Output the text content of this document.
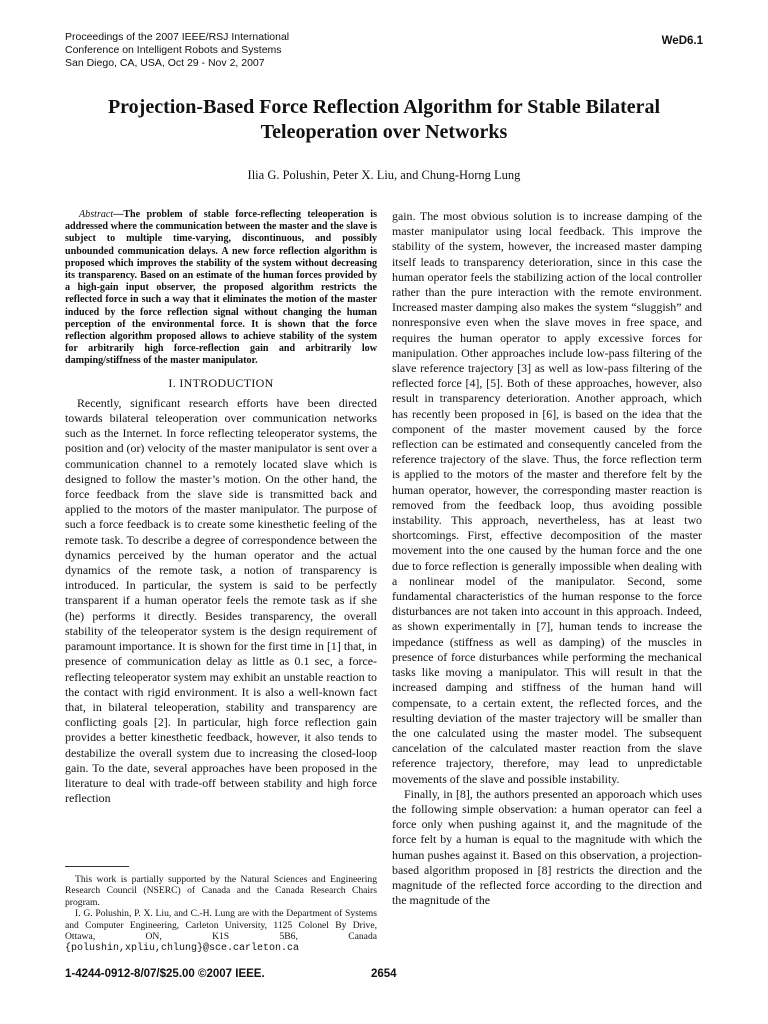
Proceedings of the 2007 IEEE/RSJ International
Conference on Intelligent Robots and Systems
San Diego, CA, USA, Oct 29 - Nov 2, 2007
WeD6.1
Projection-Based Force Reflection Algorithm for Stable Bilateral
Teleoperation over Networks
Ilia G. Polushin, Peter X. Liu, and Chung-Horng Lung

Abstract—The problem of stable force-reflecting teleoperation is addressed where the communication between the master and the slave is subject to multiple time-varying, discontinuous, and possibly unbounded communication delays. A new force reflection algorithm is proposed which improves the stability of the system without decreasing its transparency. Based on an estimate of the human forces provided by a high-gain input observer, the proposed algorithm restricts the reflected force in such a way that it eliminates the motion of the master induced by the force reflection signal without changing the human perception of the environmental force. It is shown that the force reflection algorithm proposed allows to achieve stability of the system for arbitrarily high force-reflection gain and arbitrarily low damping/stiffness of the master manipulator.

I. INTRODUCTION

Recently, significant research efforts have been directed towards bilateral teleoperation over communication networks such as the Internet. In force reflecting teleoperator systems, the position and (or) velocity of the master manipulator is sent over a communication channel to a remotely located slave which is designed to follow the master’s motion. On the other hand, the force feedback from the slave side is transmitted back and applied to the motors of the master manipulator. The purpose of such a force feedback is to create some kinesthetic feeling of the remote task. To describe a degree of correspondence between the dynamics perceived by the human operator and the actual dynamics of the remote task, a notion of transparency is introduced. In particular, the system is said to be perfectly transparent if a human operator feels the remote task as if she (he) performs it directly. Besides transparency, the overall stability of the teleoperator system is the design requirement of paramount importance. It is shown for the first time in [1] that, in presence of communication delay as little as 0.1 sec, a force-reflecting teleoperator system may exhibit an unstable reaction to the contact with rigid environment. It is also a well-known fact that, in bilateral teleoperation, stability and transparency are conflicting goals [2]. In particular, high force reflection gain provides a better kinesthetic feedback, however, it also tends to destabilize the overall system due to increasing the closed-loop gain. To the date, several approaches have been proposed in the literature to deal with trade-off between stability and high force reflection

This work is partially supported by the Natural Sciences and Engineering Research Council (NSERC) of Canada and the Canada Research Chairs program.

I. G. Polushin, P. X. Liu, and C.-H. Lung are with the Department of Systems and Computer Engineering, Carleton University, 1125 Colonel By Drive, Ottawa, ON, K1S 5B6, Canada {polushin,xpliu,chlung}@sce.carleton.ca

gain. The most obvious solution is to increase damping of the master manipulator using local feedback. This improve the stability of the system, however, the increased master damping itself leads to transparency deterioration, since in this case the human operator feels the stabilizing action of the local controller rather than the pure interaction with the remote environment. Increased master damping also makes the system “sluggish” and nonresponsive even when the slave moves in free space, and requires the human operator to apply excessive forces for manipulation. Other approaches include low-pass filtering of the slave reference trajectory [3] as well as low-pass filtering of the reflected force [4], [5]. Both of these approaches, however, also result in transparency deterioration. Another approach, which has recently been proposed in [6], is based on the idea that the component of the master movement caused by the force reflection can be estimated and consequently canceled from the reference trajectory of the slave. Thus, the force reflection term is applied to the motors of the master and therefore felt by the human operator, however, the corresponding master reaction is removed from the feedback loop, thus avoiding possible instability. This approach, nevertheless, has at least two shortcomings. First, effective decomposition of the master movement into the one caused by the human force and the one due to force reflection is generally impossible when dealing with a nonlinear model of the manipulator. Second, some fundamental characteristics of the human response to the force disturbances are not taken into account in this approach. Indeed, as shown experimentally in [7], human tends to increase the impedance (stiffness as well as damping) of the muscles in presence of force disturbances while performing the mechanical tasks like moving a manipulator. This will result in that the increased damping and stiffness of the human hand will compensate, to a certain extent, the reflected forces, and the resulting deviation of the master trajectory will be smaller than the one calculated using the master model. The subsequent cancelation of the calculated master reaction from the slave reference trajectory, therefore, may lead to unpredictable movements of the slave and possible instability.

Finally, in [8], the authors presented an apporoach which uses the following simple observation: a human operator can feel a force only when pushing against it, and the magnitude of the force felt by a human is equal to the magnitude with which the human pushes against it. Based on this observation, a projection-based algorithm proposed in [8] restricts the direction and the magnitude of the reflected force according to the direction and the magnitude of the

1-4244-0912-8/07/$25.00 ©2007 IEEE.	2654
